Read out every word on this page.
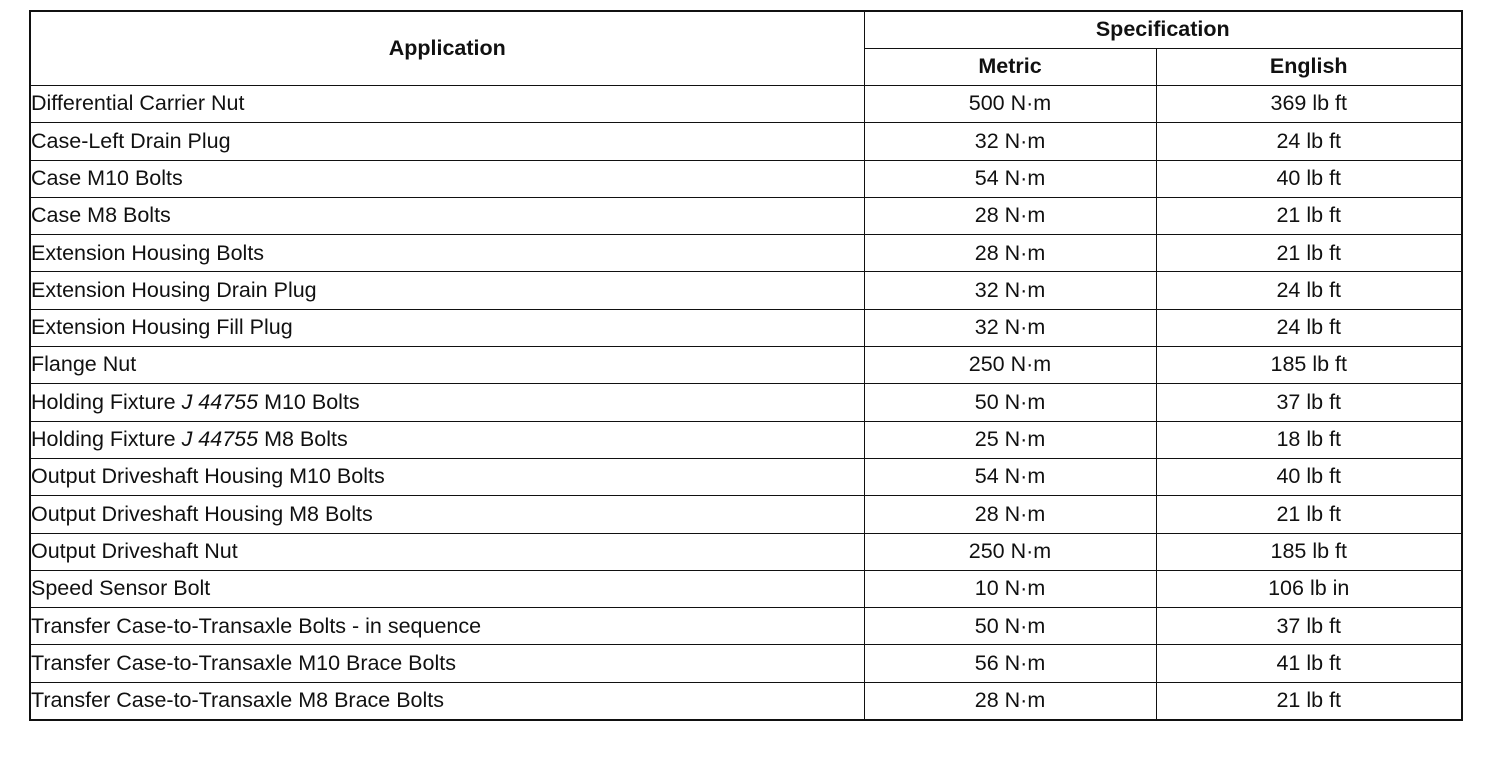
Application	Specification	
	Metric	English
Differential Carrier Nut	500 N·m	369 lb ft
Case-Left Drain Plug	32 N·m	24 lb ft
Case M10 Bolts	54 N·m	40 lb ft
Case M8 Bolts	28 N·m	21 lb ft
Extension Housing Bolts	28 N·m	21 lb ft
Extension Housing Drain Plug	32 N·m	24 lb ft
Extension Housing Fill Plug	32 N·m	24 lb ft
Flange Nut	250 N·m	185 lb ft
Holding Fixture J 44755 M10 Bolts	50 N·m	37 lb ft
Holding Fixture J 44755 M8 Bolts	25 N·m	18 lb ft
Output Driveshaft Housing M10 Bolts	54 N·m	40 lb ft
Output Driveshaft Housing M8 Bolts	28 N·m	21 lb ft
Output Driveshaft Nut	250 N·m	185 lb ft
Speed Sensor Bolt	10 N·m	106 lb in
Transfer Case-to-Transaxle Bolts - in sequence	50 N·m	37 lb ft
Transfer Case-to-Transaxle M10 Brace Bolts	56 N·m	41 lb ft
Transfer Case-to-Transaxle M8 Brace Bolts	28 N·m	21 lb ft
